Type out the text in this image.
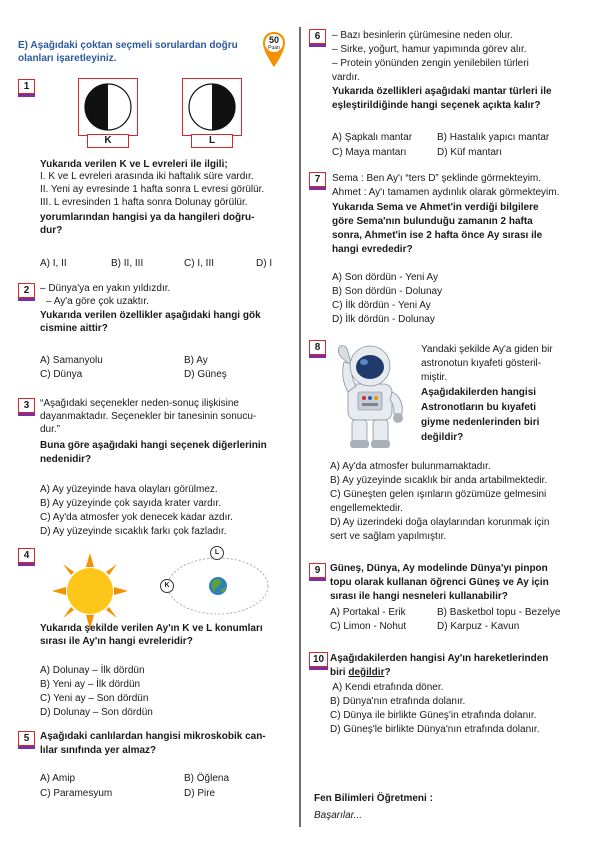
E) Aşağıdaki çoktan seçmeli sorulardan doğru
olanları işaretleyiniz.
50
Puan
1
K	L
Yukarıda verilen K ve L evreleri ile ilgili;
I. K ve L evreleri arasında iki haftalık süre vardır.
II. Yeni ay evresinde 1 hafta sonra L evresi görülür.
III. L evresinden 1 hafta sonra Dolunay görülür.
yorumlarından hangisi ya da hangileri doğru-
dur?
A) I, II	B) II, III	C) I, III	D) I
2	– Dünya'ya en yakın yıldızdır.
– Ay'a göre çok uzaktır.
Yukarıda verilen özellikler aşağıdaki hangi gök
cismine aittir?
A) Samanyolu	B) Ay
C) Dünya	D) Güneş
3	“Aşağıdaki seçenekler neden-sonuç ilişkisine
dayanmaktadır. Seçenekler bir tanesinin sonucu-
dur.”
Buna göre aşağıdaki hangi seçenek diğerlerinin
nedenidir?
A) Ay yüzeyinde hava olayları görülmez.
B) Ay yüzeyinde çok sayıda krater vardır.
C) Ay'da atmosfer yok denecek kadar azdır.
D) Ay yüzeyinde sıcaklık farkı çok fazladır.
4	L
K
Yukarıda şekilde verilen Ay'ın K ve L konumları
sırası ile Ay'ın hangi evreleridir?
A) Dolunay – İlk dördün
B) Yeni ay – İlk dördün
C) Yeni ay – Son dördün
D) Dolunay – Son dördün
5	Aşağıdaki canlılardan hangisi mikroskobik can-
lılar sınıfında yer almaz?
A) Amip	B) Öğlena
C) Paramesyum	D) Pire
6	– Bazı besinlerin çürümesine neden olur.
– Sirke, yoğurt, hamur yapımında görev alır.
– Protein yönünden zengin yenilebilen türleri
vardır.
Yukarıda özellikleri aşağıdaki mantar türleri ile
eşleştirildiğinde hangi seçenek açıkta kalır?
A) Şapkalı mantar B) Hastalık yapıcı mantar
C) Maya mantarı	D) Küf mantarı
7	Sema : Ben Ay'ı “ters D” şeklinde görmekteyim.
Ahmet : Ay'ı tamamen aydınlık olarak görmekteyim.
Yukarıda Sema ve Ahmet'in verdiği bilgilere
göre Sema'nın bulunduğu zamanın 2 hafta
sonra, Ahmet'in ise 2 hafta önce Ay sırası ile
hangi evrededir?
A) Son dördün - Yeni Ay
B) Son dördün - Dolunay
C) İlk dördün - Yeni Ay
D) İlk dördün - Dolunay
8	Yandaki şekilde Ay'a giden bir
astronotun kıyafeti gösteril-
miştir.
Aşağıdakilerden hangisi
Astronotların bu kıyafeti
giyme nedenlerinden biri
değildir?
A) Ay'da atmosfer bulunmamaktadır.
B) Ay yüzeyinde sıcaklık bir anda artabilmektedir.
C) Güneşten gelen ışınların gözümüze gelmesini
engellemektedir.
D) Ay üzerindeki doğa olaylarından korunmak için
sert ve sağlam yapılmıştır.
9 Güneş, Dünya, Ay modelinde Dünya'yı pinpon
topu olarak kullanan öğrenci Güneş ve Ay için
sırası ile hangi nesneleri kullanabilir?
A) Portakal - Erik	B) Basketbol topu - Bezelye
C) Limon - Nohut	D) Karpuz - Kavun
10 Aşağıdakilerden hangisi Ay'ın hareketlerinden
biri değildir?
A) Kendi etrafında döner.
B) Dünya'nın etrafında dolanır.
C) Dünya ile birlikte Güneş'in etrafında dolanır.
D) Güneş'le birlikte Dünya'nın etrafında dolanır.
Fen Bilimleri Öğretmeni :
Başarılar...
